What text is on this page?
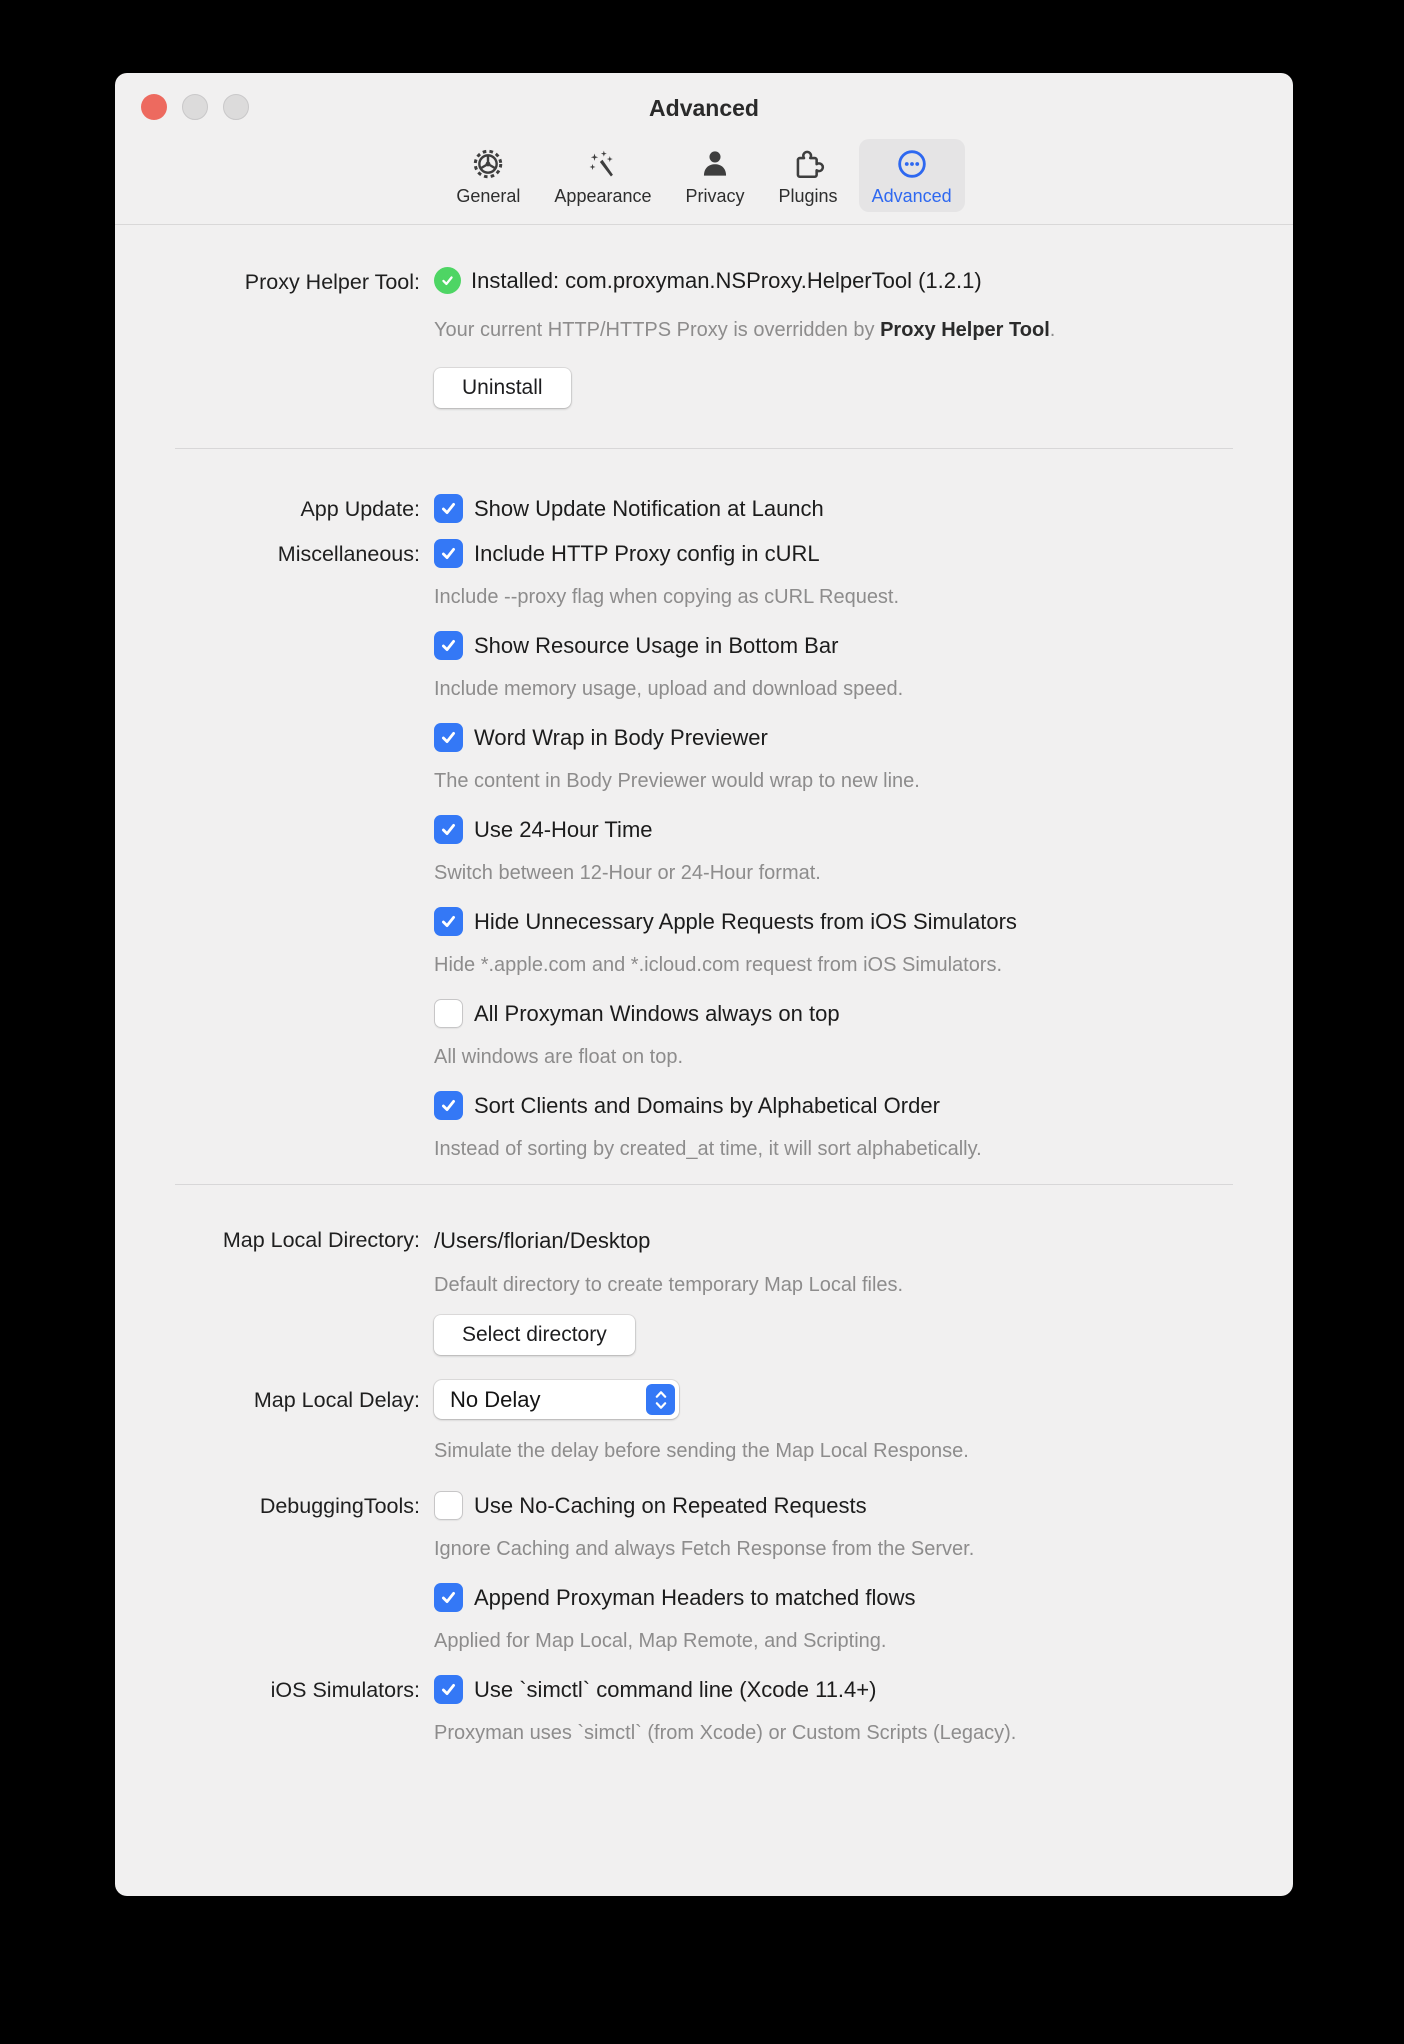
Advanced
General Appearance Privacy Plugins Advanced
Proxy Helper Tool: Installed: com.proxyman.NSProxy.HelperTool (1.2.1)
Your current HTTP/HTTPS Proxy is overridden by Proxy Helper Tool.
Uninstall
App Update: Show Update Notification at Launch
Miscellaneous: Include HTTP Proxy config in cURL
Include --proxy flag when copying as cURL Request.
Show Resource Usage in Bottom Bar
Include memory usage, upload and download speed.
Word Wrap in Body Previewer
The content in Body Previewer would wrap to new line.
Use 24-Hour Time
Switch between 12-Hour or 24-Hour format.
Hide Unnecessary Apple Requests from iOS Simulators
Hide *.apple.com and *.icloud.com request from iOS Simulators.
All Proxyman Windows always on top
All windows are float on top.
Sort Clients and Domains by Alphabetical Order
Instead of sorting by created_at time, it will sort alphabetically.
Map Local Directory: /Users/florian/Desktop
Default directory to create temporary Map Local files.
Select directory
Map Local Delay: No Delay
Simulate the delay before sending the Map Local Response.
DebuggingTools: Use No-Caching on Repeated Requests
Ignore Caching and always Fetch Response from the Server.
Append Proxyman Headers to matched flows
Applied for Map Local, Map Remote, and Scripting.
iOS Simulators: Use `simctl` command line (Xcode 11.4+)
Proxyman uses `simctl` (from Xcode) or Custom Scripts (Legacy).
